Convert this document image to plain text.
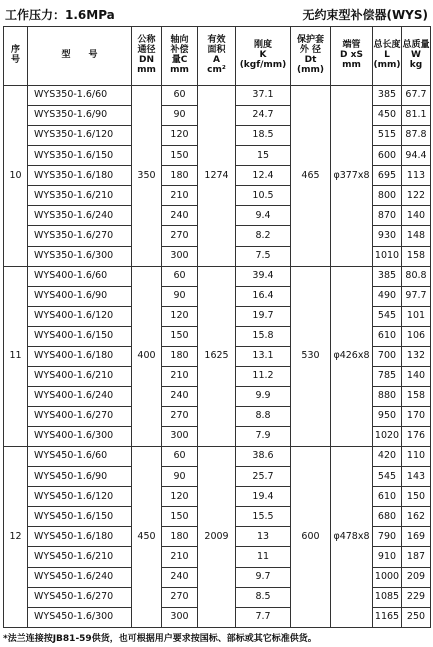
工作压力：1.6MPa	无约束型补偿器(WYS)
序
号	型　　号	公称
通径
DN
mm	轴向
补偿
量C
mm	有效
面积
A
cm²	刚度
K
(kgf/mm)	保护套
外 径
Dt
(mm)	端管
D xS
mm	总长度
L
(mm)	总质量
W
kg
10	WYS350-1.6/60	350	60	1274	37.1	465	φ377x8	385	67.7
	WYS350-1.6/90		90		24.7			450	81.1
	WYS350-1.6/120		120		18.5			515	87.8
	WYS350-1.6/150		150		15			600	94.4
	WYS350-1.6/180		180		12.4			695	113
	WYS350-1.6/210		210		10.5			800	122
	WYS350-1.6/240		240		9.4			870	140
	WYS350-1.6/270		270		8.2			930	148
	WYS350-1.6/300		300		7.5			1010	158
11	WYS400-1.6/60	400	60	1625	39.4	530	φ426x8	385	80.8
	WYS400-1.6/90		90		16.4			490	97.7
	WYS400-1.6/120		120		19.7			545	101
	WYS400-1.6/150		150		15.8			610	106
	WYS400-1.6/180		180		13.1			700	132
	WYS400-1.6/210		210		11.2			785	140
	WYS400-1.6/240		240		9.9			880	158
	WYS400-1.6/270		270		8.8			950	170
	WYS400-1.6/300		300		7.9			1020	176
12	WYS450-1.6/60	450	60	2009	38.6	600	φ478x8	420	110
	WYS450-1.6/90		90		25.7			545	143
	WYS450-1.6/120		120		19.4			610	150
	WYS450-1.6/150		150		15.5			680	162
	WYS450-1.6/180		180		13			790	169
	WYS450-1.6/210		210		11			910	187
	WYS450-1.6/240		240		9.7			1000	209
	WYS450-1.6/270		270		8.5			1085	229
	WYS450-1.6/300		300		7.7			1165	250
*法兰连接按JB81-59供货，也可根据用户要求按国标、部标或其它标准供货。
